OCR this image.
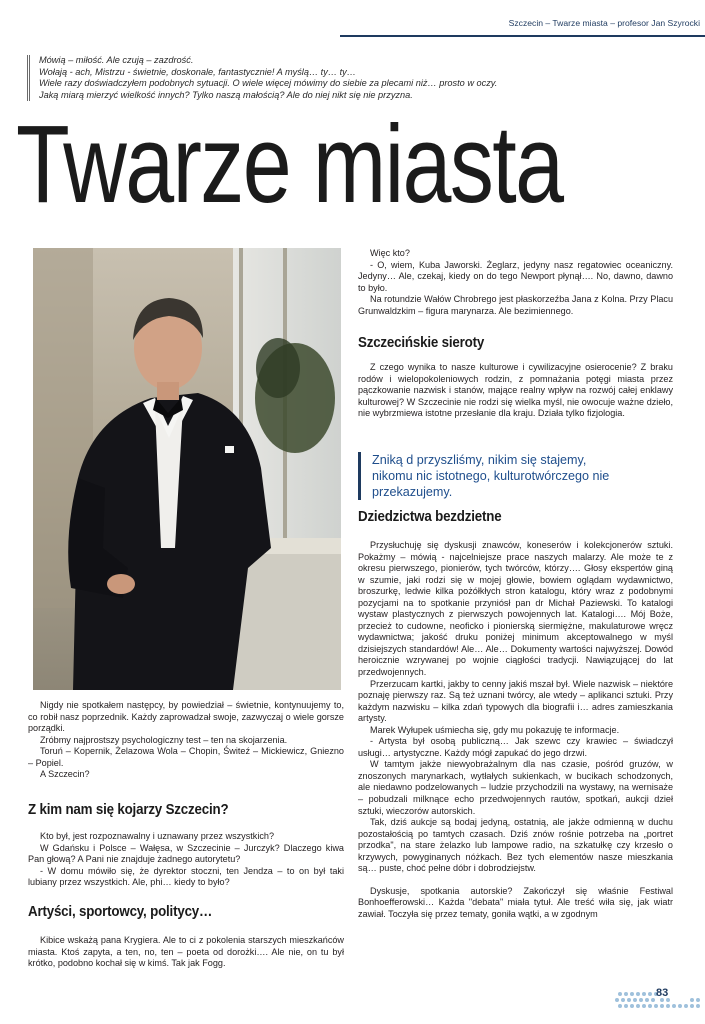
Szczecin – Twarze miasta – profesor Jan Szyrocki
Mówią – miłość. Ale czują – zazdrość.
Wołają - ach, Mistrzu - świetnie, doskonale, fantastycznie! A myślą… ty… ty…
Wiele razy doświadczyłem podobnych sytuacji. O wiele więcej mówimy do siebie za plecami niż… prosto w oczy.
Jaką miarą mierzyć wielkość innych? Tylko naszą małością? Ale do niej nikt się nie przyzna.
Twarze miasta

Nigdy nie spotkałem następcy, by powiedział – świetnie, kontynuujemy to, co robił nasz poprzednik. Każdy zaprowadzał swoje, zazwyczaj o wiele gorsze porządki.

Zróbmy najprostszy psychologiczny test – ten na skojarzenia.

Toruń – Kopernik, Żelazowa Wola – Chopin, Świteź – Mickiewicz, Gniezno – Popiel.

A Szczecin?

Z kim nam się kojarzy Szczecin?

Kto był, jest rozpoznawalny i uznawany przez wszystkich?

W Gdańsku i Polsce – Wałęsa, w Szczecinie – Jurczyk? Dlaczego kiwa Pan głową? A Pani nie znajduje żadnego autorytetu?

- W domu mówiło się, że dyrektor stoczni, ten Jendza – to on był taki lubiany przez wszystkich. Ale, phi… kiedy to było?

Artyści, sportowcy, politycy…

Kibice wskażą pana Krygiera. Ale to ci z pokolenia starszych mieszkańców miasta. Ktoś zapyta, a ten, no, ten – poeta od dorożki…. Ale nie, on tu był krótko, podobno kochał się w kimś. Tak jak Fogg.

Więc kto?

- O, wiem, Kuba Jaworski. Żeglarz, jedyny nasz regatowiec oceaniczny. Jedyny… Ale, czekaj, kiedy on do tego Newport płynął…. No, dawno, dawno to było.

Na rotundzie Wałów Chrobrego jest płaskorzeźba Jana z Kolna. Przy Placu Grunwaldzkim – figura marynarza. Ale bezimiennego.

Szczecińskie sieroty

Z czego wynika to nasze kulturowe i cywilizacyjne osierocenie? Z braku rodów i wielopokoleniowych rodzin, z pomnażania potęgi miasta przez pączkowanie nazwisk i stanów, mające realny wpływ na rozwój całej enklawy kulturowej? W Szczecinie nie rodzi się wielka myśl, nie owocuje ważne dzieło, nie wybrzmiewa istotne przesłanie dla kraju. Działa tylko fizjologia.

Zniką d przyszliśmy, nikim się stajemy,
nikomu nic istotnego, kulturotwórczego nie
przekazujemy.
Dziedzictwa bezdzietne

Przysłuchuję się dyskusji znawców, koneserów i kolekcjonerów sztuki. Pokażmy – mówią - najcelniejsze prace naszych malarzy. Ale może te z okresu pierwszego, pionierów, tych twórców, którzy…. Głosy ekspertów giną w szumie, jaki rodzi się w mojej głowie, bowiem oglądam wydawnictwo, broszurkę, ledwie kilka pożółkłych stron katalogu, który wraz z podobnymi pozycjami na to spotkanie przyniósł pan dr Michał Paziewski. To katalogi wystaw plastycznych z pierwszych powojennych lat. Katalogi…. Mój Boże, przecież to cudowne, neoficko i pionierską siermiężne, makulaturowe wręcz wydawnictwa; jakość druku poniżej minimum akceptowalnego w myśl dzisiejszych standardów! Ale… Ale… Dokumenty wartości najwyższej. Dowód heroicznie wzrywanej po wojnie ciągłości tradycji. Nawiązującej do lat przedwojennych.

Przerzucam kartki, jakby to cenny jakiś mszał był. Wiele nazwisk – niektóre poznaję pierwszy raz. Są też uznani twórcy, ale wtedy – aplikanci sztuki. Przy każdym nazwisku – kilka zdań typowych dla biografii i… adres zamieszkania artysty.

Marek Wyłupek uśmiecha się, gdy mu pokazuję te informacje.

- Artysta był osobą publiczną… Jak szewc czy krawiec – świadczył usługi… artystyczne. Każdy mógł zapukać do jego drzwi.

W tamtym jakże niewyobrażalnym dla nas czasie, pośród gruzów, w znoszonych marynarkach, wytłałych sukienkach, w bucikach schodzonych, ale niedawno podzelowanych – ludzie przychodzili na wystawy, na wernisaże – pobudzali milknące echo przedwojennych rautów, spotkań, aukcji dzieł sztuki, wieczorów autorskich.

Tak, dziś aukcje są bodaj jedyną, ostatnią, ale jakże odmienną w duchu pozostałością po tamtych czasach. Dziś znów rośnie potrzeba na „portret przodka", na stare żelazko lub lampowe radio, na szkatułkę czy krzesło o krzywych, powyginanych nóżkach. Bez tych elementów nasze mieszkania są… puste, choć pełne dóbr i dobrodziejstw.

Dyskusje, spotkania autorskie? Zakończył się właśnie Festiwal Bonhoefferowski… Każda "debata" miała tytuł. Ale treść wiła się, jak wiatr zawiał. Toczyła się przez tematy, goniła wątki, a w zgodnym

83
